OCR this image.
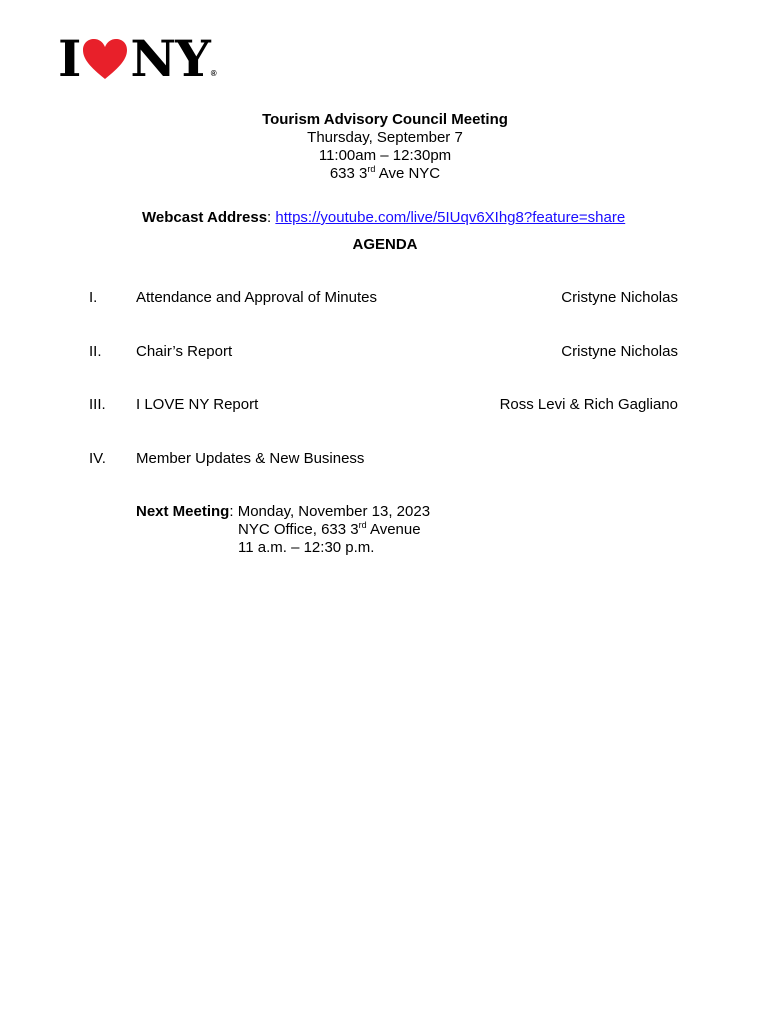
I NY ®
Tourism Advisory Council Meeting
Thursday, September 7
11:00am – 12:30pm
633 3rd Ave NYC
Webcast Address: https://youtube.com/live/5IUqv6XIhg8?feature=share
AGENDA
I.	Attendance and Approval of Minutes	Cristyne Nicholas
II. Chair’s Report	Cristyne Nicholas
III. I LOVE NY Report	Ross Levi & Rich Gagliano
IV. Member Updates & New Business
Next Meeting: Monday, November 13, 2023
NYC Office, 633 3rd Avenue
11 a.m. – 12:30 p.m.
